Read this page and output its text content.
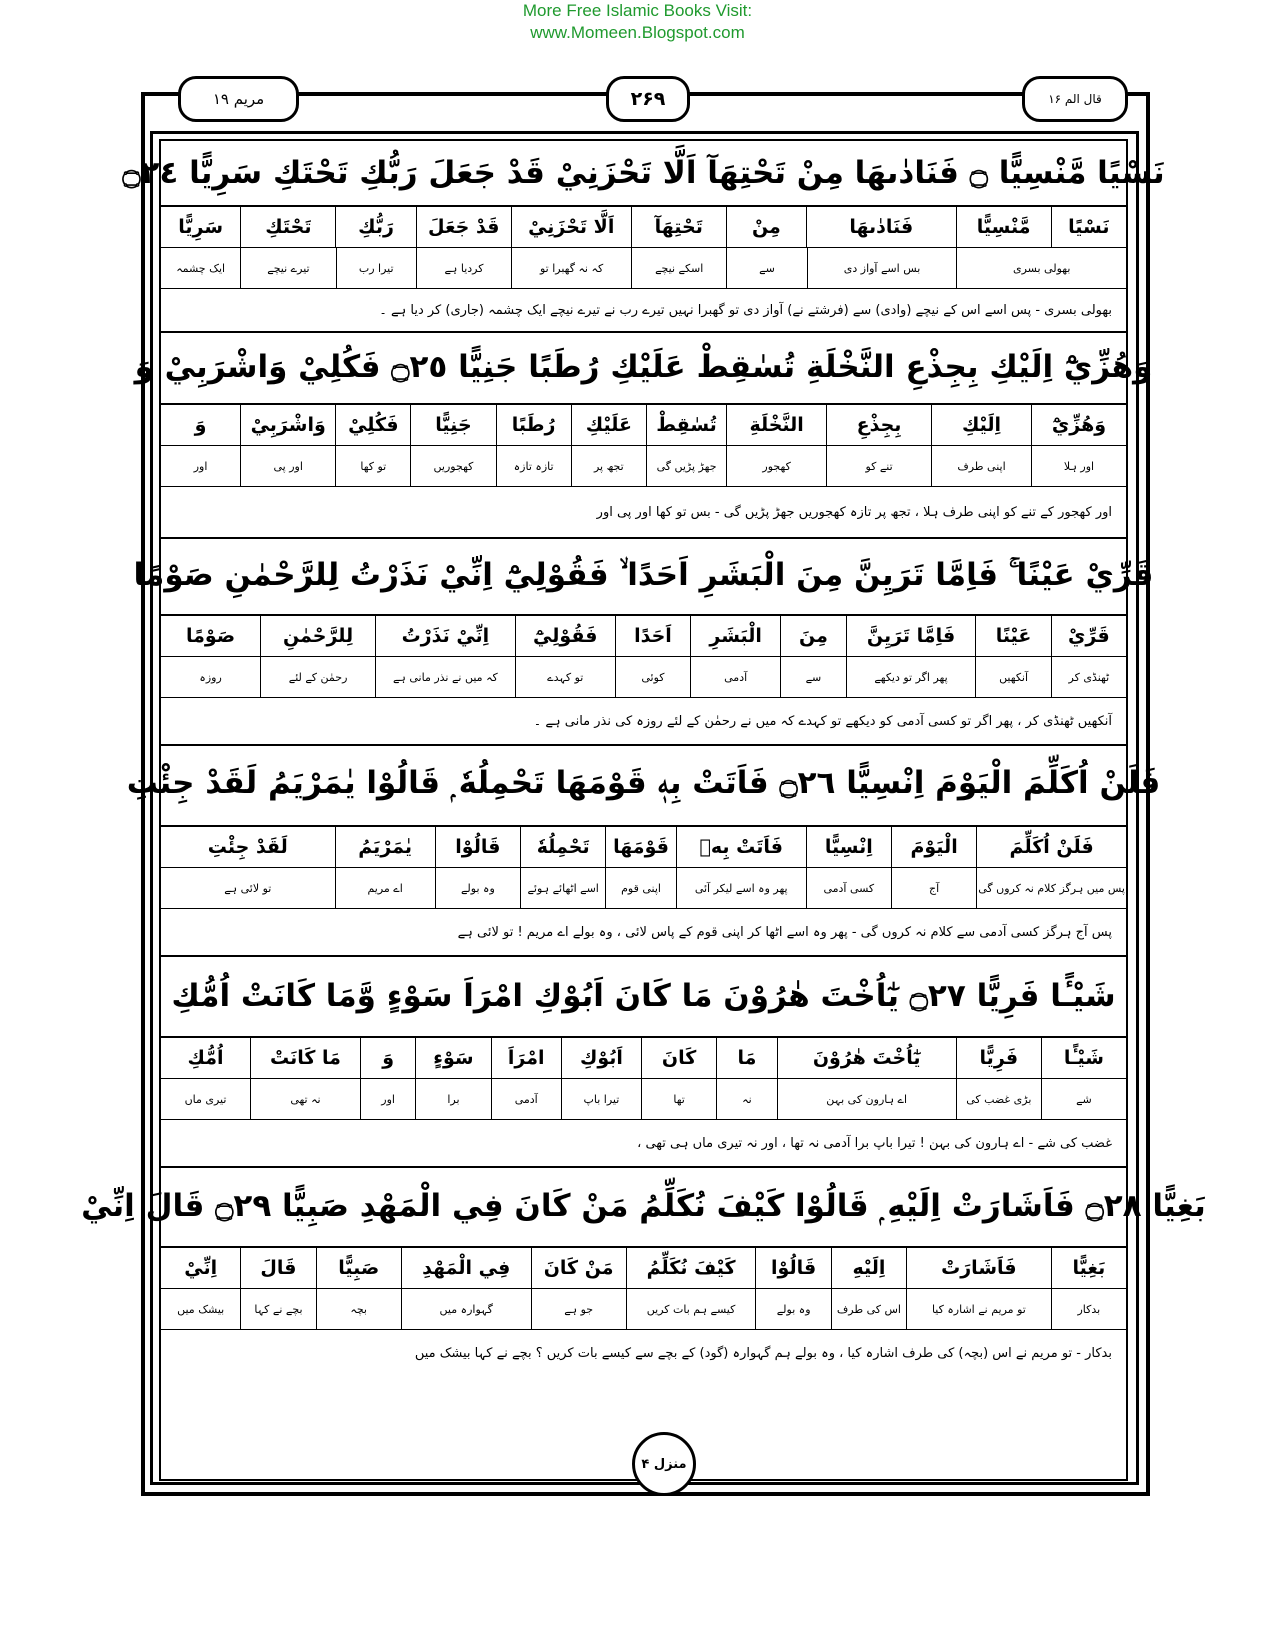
More Free Islamic Books Visit:
www.Momeen.Blogspot.com
مریم ۱۹	۲۶۹	قال الم ۱۶
نَسْيًا مَّنْسِيًّا ۝ فَنَادٰىهَا مِنْ تَحْتِهَآ اَلَّا تَحْزَنِيْ قَدْ جَعَلَ رَبُّكِ تَحْتَكِ سَرِيًّا ۝٢٤
نَسْيًا
مَّنْسِيًّا
فَنَادٰىهَا
مِنْ
تَحْتِهَآ
اَلَّا تَحْزَنِيْ
قَدْ جَعَلَ
رَبُّكِ
تَحْتَكِ
سَرِيًّا
بھولی بسری
بس اسے آواز دی
سے
اسکے نیچے
کہ نہ گھبرا تو
کردیا ہے
تیرا رب
تیرے نیچے
ایک چشمہ
بھولی بسری - پس اسے اس کے نیچے (وادی) سے (فرشتے نے) آواز دی تو گھبرا نہیں تیرے رب نے تیرے نیچے ایک چشمہ (جاری) کر دیا ہے ۔
وَهُزِّيْٓ اِلَيْكِ بِجِذْعِ النَّخْلَةِ تُسٰقِطْ عَلَيْكِ رُطَبًا جَنِيًّا ۝٢٥ فَكُلِيْ وَاشْرَبِيْ وَ
وَهُزِّيْٓ
اِلَيْكِ
بِجِذْعِ
النَّخْلَةِ
تُسٰقِطْ
عَلَيْكِ
رُطَبًا
جَنِيًّا
فَكُلِيْ
وَاشْرَبِيْ
وَ
اور ہلا
اپنی طرف
تنے کو
کھجور
جھڑ پڑیں گی
تجھ پر
تازہ تازہ
کھجوریں
تو کھا
اور پی
اور
اور کھجور کے تنے کو اپنی طرف ہلا ، تجھ پر تازہ کھجوریں جھڑ پڑیں گی - بس تو کھا اور پی اور
قَرِّيْ عَيْنًا ۚ فَاِمَّا تَرَيِنَّ مِنَ الْبَشَرِ اَحَدًا ۙ فَقُوْلِيْٓ اِنِّيْ نَذَرْتُ لِلرَّحْمٰنِ صَوْمًا
قَرِّيْ
عَيْنًا
فَاِمَّا تَرَيِنَّ
مِنَ
الْبَشَرِ
اَحَدًا
فَقُوْلِيْٓ
اِنِّيْ نَذَرْتُ
لِلرَّحْمٰنِ
صَوْمًا
ٹھنڈی کر
آنکھیں
پھر اگر تو دیکھے
سے
آدمی
کوئی
تو کہدے
کہ میں نے نذر مانی ہے
رحمٰن کے لئے
روزہ
آنکھیں ٹھنڈی کر ، پھر اگر تو کسی آدمی کو دیکھے تو کہدے کہ میں نے رحمٰن کے لئے روزہ کی نذر مانی ہے ۔
فَلَنْ اُكَلِّمَ الْيَوْمَ اِنْسِيًّا ۝٢٦ فَاَتَتْ بِهٖ قَوْمَهَا تَحْمِلُهٗ ۭ قَالُوْا يٰمَرْيَمُ لَقَدْ جِئْتِ
فَلَنْ اُكَلِّمَ
الْيَوْمَ
اِنْسِيًّا
فَاَتَتْ بِهٖ
قَوْمَهَا
تَحْمِلُهٗ
قَالُوْا
يٰمَرْيَمُ
لَقَدْ جِئْتِ
پس میں ہرگز کلام نہ کروں گی
آج
کسی آدمی
پھر وہ اسے لیکر آئی
اپنی قوم
اسے اٹھائے ہوئے
وہ بولے
اے مریم
تو لائی ہے
پس آج ہرگز کسی آدمی سے کلام نہ کروں گی - پھر وہ اسے اٹھا کر اپنی قوم کے پاس لائی ، وہ بولے اے مریم ! تو لائی ہے
شَيْـًٔا فَرِيًّا ۝٢٧ يٰٓاُخْتَ هٰرُوْنَ مَا كَانَ اَبُوْكِ امْرَاَ سَوْءٍ وَّمَا كَانَتْ اُمُّكِ
شَيْـًٔا
فَرِيًّا
يٰٓاُخْتَ هٰرُوْنَ
مَا
كَانَ
اَبُوْكِ
امْرَاَ
سَوْءٍ
وَ
مَا كَانَتْ
اُمُّكِ
شے
بڑی غضب کی
اے ہارون کی بہن
نہ
تھا
تیرا باپ
آدمی
برا
اور
نہ تھی
تیری ماں
غضب کی شے - اے ہارون کی بہن ! تیرا باپ برا آدمی نہ تھا ، اور نہ تیری ماں ہی تھی ،
بَغِيًّا ۝٢٨ فَاَشَارَتْ اِلَيْهِ ۭ قَالُوْا كَيْفَ نُكَلِّمُ مَنْ كَانَ فِي الْمَهْدِ صَبِيًّا ۝٢٩ قَالَ اِنِّيْ
بَغِيًّا
فَاَشَارَتْ
اِلَيْهِ
قَالُوْا
كَيْفَ نُكَلِّمُ
مَنْ كَانَ
فِي الْمَهْدِ
صَبِيًّا
قَالَ
اِنِّيْ
بدکار
تو مریم نے اشارہ کیا
اس کی طرف
وہ بولے
کیسے ہم بات کریں
جو ہے
گہوارہ میں
بچہ
بچے نے کہا
بیشک میں
بدکار - تو مریم نے اس (بچہ) کی طرف اشارہ کیا ، وہ بولے ہم گہوارہ (گود) کے بچے سے کیسے بات کریں ؟ بچے نے کہا بیشک میں
منزل ۴
